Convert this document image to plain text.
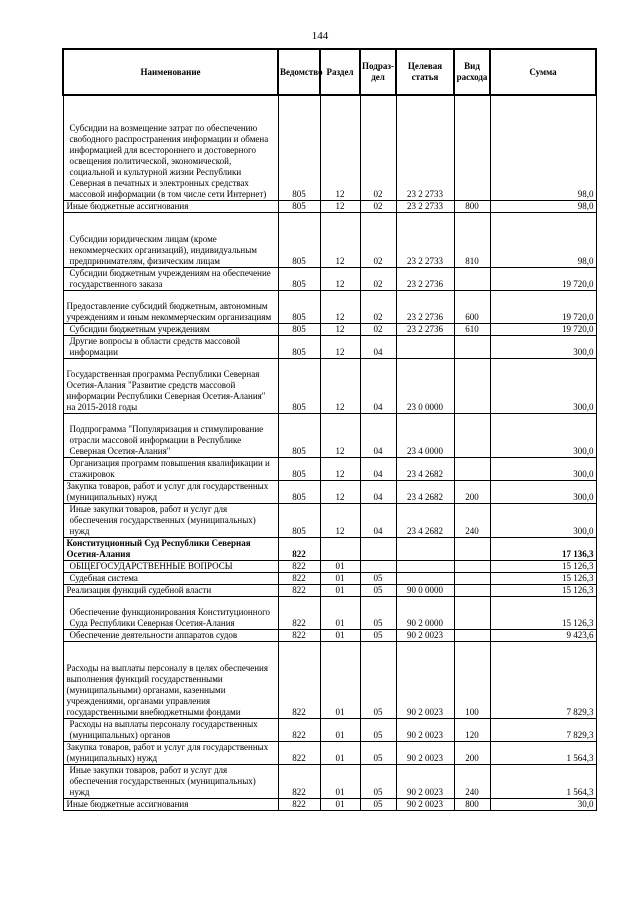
144
Наименование	Ведомство	Раздел	Подраз-дел	Целевая статья	Вид расхода	Сумма
Субсидии на возмещение затрат по обеспечению свободного распространения информации и обмена информацией для всестороннего и достоверного освещения политической, экономической, социальной и культурной жизни Республики Северная в печатных и электронных средствах массовой информации (в том числе сети Интернет)	805	12	02	23 2 2733		98,0
Иные бюджетные ассигнования	805	12	02	23 2 2733	800	98,0
Субсидии юридическим лицам (кроме некоммерческих организаций), индивидуальным предпринимателям, физическим лицам	805	12	02	23 2 2733	810	98,0
Субсидии бюджетным учреждениям на обеспечение государственного заказа	805	12	02	23 2 2736		19 720,0
Предоставление субсидий бюджетным, автономным учреждениям и иным некоммерческим организациям	805	12	02	23 2 2736	600	19 720,0
Субсидии бюджетным учреждениям	805	12	02	23 2 2736	610	19 720,0
Другие вопросы в области средств массовой информации	805	12	04			300,0
Государственная программа Республики Северная Осетия-Алания "Развитие средств массовой информации Республики Северная Осетия-Алания" на 2015-2018 годы	805	12	04	23 0 0000		300,0
Подпрограмма "Популяризация и стимулирование отрасли массовой информации в Республике Северная Осетия-Алания"	805	12	04	23 4 0000		300,0
Организация программ повышения квалификации и стажировок	805	12	04	23 4 2682		300,0
Закупка товаров, работ и услуг для государственных (муниципальных) нужд	805	12	04	23 4 2682	200	300,0
Иные закупки товаров, работ и услуг для обеспечения государственных (муниципальных) нужд	805	12	04	23 4 2682	240	300,0
Конституционный Суд Республики Северная Осетия-Алания	822					17 136,3
ОБЩЕГОСУДАРСТВЕННЫЕ ВОПРОСЫ	822	01				15 126,3
Судебная система	822	01	05			15 126,3
Реализация функций судебной власти	822	01	05	90 0 0000		15 126,3
Обеспечение функционирования Конституционного Суда Республики Северная Осетия-Алания	822	01	05	90 2 0000		15 126,3
Обеспечение деятельности аппаратов судов	822	01	05	90 2 0023		9 423,6
Расходы на выплаты персоналу в целях обеспечения выполнения функций государственными (муниципальными) органами, казенными учреждениями, органами управления государственными внебюджетными фондами	822	01	05	90 2 0023	100	7 829,3
Расходы на выплаты персоналу государственных (муниципальных) органов	822	01	05	90 2 0023	120	7 829,3
Закупка товаров, работ и услуг для государственных (муниципальных) нужд	822	01	05	90 2 0023	200	1 564,3
Иные закупки товаров, работ и услуг для обеспечения государственных (муниципальных) нужд	822	01	05	90 2 0023	240	1 564,3
Иные бюджетные ассигнования	822	01	05	90 2 0023	800	30,0
